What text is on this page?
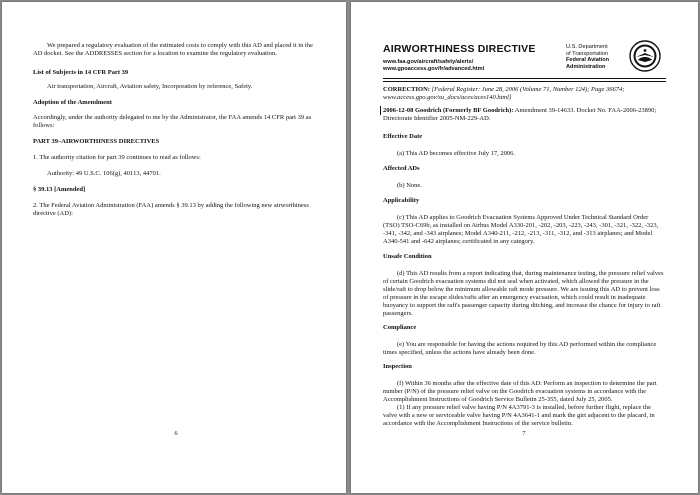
We prepared a regulatory evaluation of the estimated costs to comply with this AD and placed it in the AD docket. See the ADDRESSES section for a location to examine the regulatory evaluation.

List of Subjects in 14 CFR Part 39

Air transportation, Aircraft, Aviation safety, Incorporation by reference, Safety.

Adoption of the Amendment

Accordingly, under the authority delegated to me by the Administrator, the FAA amends 14 CFR part 39 as follows:

PART 39–AIRWORTHINESS DIRECTIVES

1. The authority citation for part 39 continues to read as follows:

Authority: 49 U.S.C. 106(g), 40113, 44701.

§ 39.13 [Amended]

2. The Federal Aviation Administration (FAA) amends § 39.13 by adding the following new airworthiness directive (AD):

6
AIRWORTHINESS DIRECTIVE
www.faa.gov/aircraft/safety/alerts/
www.gpoaccess.gov/fr/advanced.html
U.S. Department
of Transportation
Federal Aviation
Administration

CORRECTION: [Federal Register: June 28, 2006 (Volume 71, Number 124); Page 36674;
www.access.gpo.gov/su_docs/aces/aces140.html]

2006-12-08 Goodrich (Formerly BF Goodrich): Amendment 39-14633. Docket No. FAA-2006-23890; Directorate Identifier 2005-NM-229-AD.

Effective Date

(a) This AD becomes effective July 17, 2006.

Affected ADs

(b) None.

Applicability

(c) This AD applies to Goodrich Evacuation Systems Approved Under Technical Standard Order (TSO) TSO-C69b, as installed on Airbus Model A330-201, -202, -203, -223, -243, -301, -321, -322, -323, -341, -342, and -343 airplanes; Model A340-211, -212, -213, -311, -312, and -313 airplanes; and Model A340-541 and -642 airplanes; certificated in any category.

Unsafe Condition

(d) This AD results from a report indicating that, during maintenance testing, the pressure relief valves of certain Goodrich evacuation systems did not seal when activated, which allowed the pressure in the slide/raft to drop below the minimum allowable raft mode pressure. We are issuing this AD to prevent loss of pressure in the escape slides/rafts after an emergency evacuation, which could result in inadequate buoyancy to support the raft's passenger capacity during ditching, and increase the chance for injury to raft passengers.

Compliance

(e) You are responsible for having the actions required by this AD performed within the compliance times specified, unless the actions have already been done.

Inspection

(f) Within 36 months after the effective date of this AD: Perform an inspection to determine the part number (P/N) of the pressure relief valve on the Goodrich evacuation systems in accordance with the Accomplishment Instructions of Goodrich Service Bulletin 25-355, dated July 25, 2005.

(1) If any pressure relief valve having P/N 4A3791-3 is installed, before further flight, replace the valve with a new or serviceable valve having P/N 4A3641-1 and mark the girt adjacent to the placard, in accordance with the Accomplishment Instructions of the service bulletin.

7
